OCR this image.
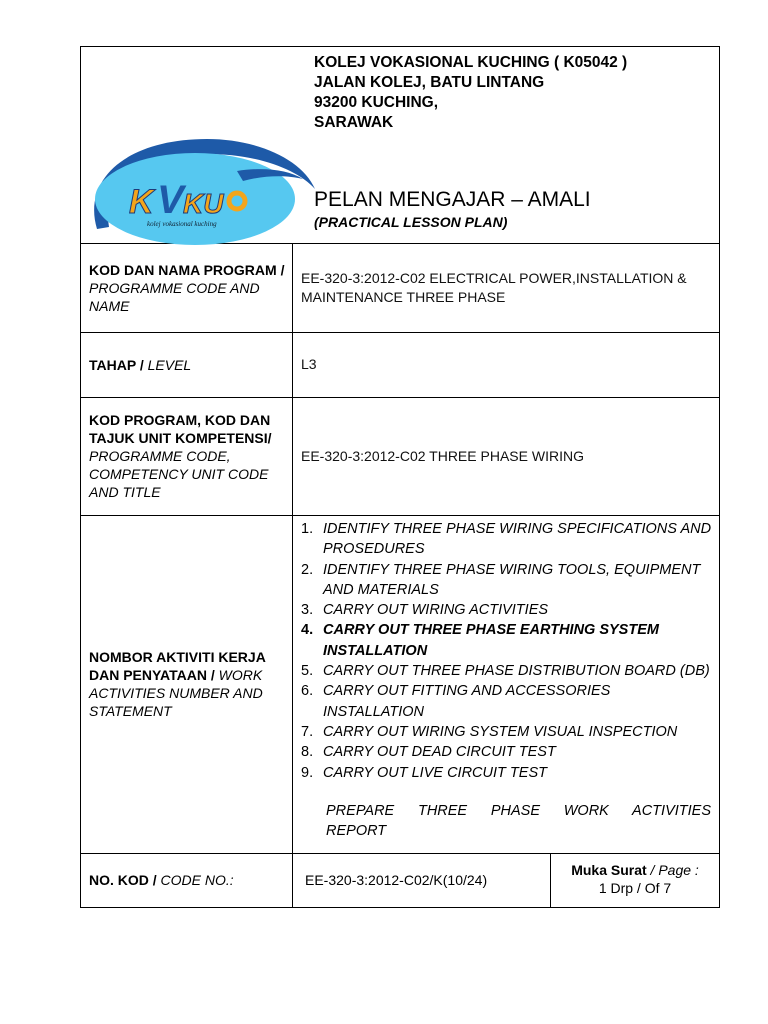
K V KU
kolej vokasional kuching
KOLEJ VOKASIONAL KUCHING ( K05042 )
JALAN KOLEJ, BATU LINTANG
93200 KUCHING,
SARAWAK
PELAN MENGAJAR – AMALI
(PRACTICAL LESSON PLAN)
KOD DAN NAMA PROGRAM / PROGRAMME CODE AND NAME
EE-320-3:2012-C02 ELECTRICAL POWER,INSTALLATION & MAINTENANCE THREE PHASE
TAHAP / LEVEL	L3
KOD PROGRAM, KOD DAN TAJUK UNIT KOMPETENSI/ PROGRAMME CODE, COMPETENCY UNIT CODE AND TITLE
EE-320-3:2012-C02 THREE PHASE WIRING
NOMBOR AKTIVITI KERJA DAN PENYATAAN / WORK ACTIVITIES NUMBER AND STATEMENT
1. IDENTIFY THREE PHASE WIRING SPECIFICATIONS AND PROSEDURES
2. IDENTIFY THREE PHASE WIRING TOOLS, EQUIPMENT AND MATERIALS
3. CARRY OUT WIRING ACTIVITIES
4. CARRY OUT THREE PHASE EARTHING SYSTEM INSTALLATION
5. CARRY OUT THREE PHASE DISTRIBUTION BOARD (DB)
6. CARRY OUT FITTING AND ACCESSORIES INSTALLATION
7. CARRY OUT WIRING SYSTEM VISUAL INSPECTION
8. CARRY OUT DEAD CIRCUIT TEST
9. CARRY OUT LIVE CIRCUIT TEST
PREPARE THREE PHASE WORK ACTIVITIES
REPORT
NO. KOD / CODE NO.:	EE-320-3:2012-C02/K(10/24)
Muka Surat / Page :
1 Drp / Of 7
